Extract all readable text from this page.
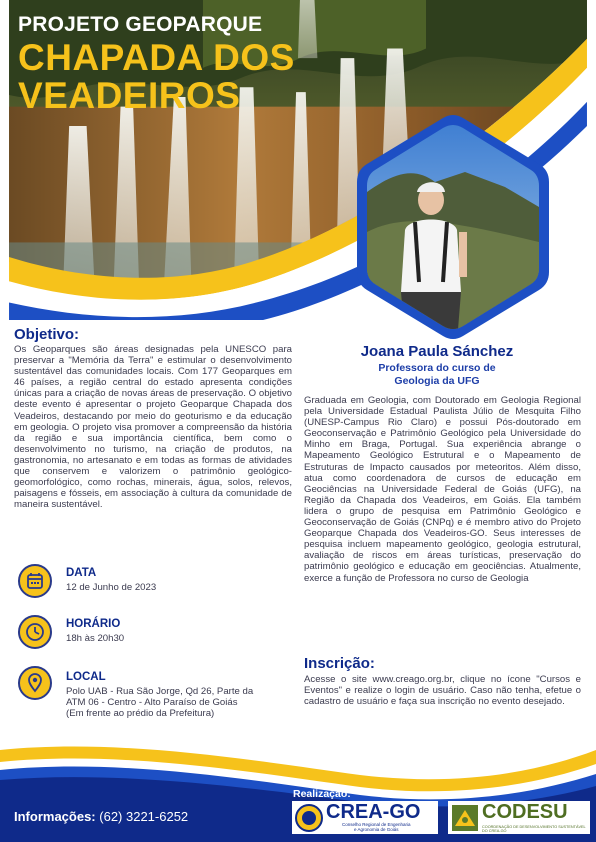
PROJETO GEOPARQUE
CHAPADA DOS
VEADEIROS
Objetivo:
Os Geoparques são áreas designadas pela UNESCO para preservar a "Memória da Terra" e estimular o desenvolvimento sustentável das comunidades locais. Com 177 Geoparques em 46 países, a região central do estado apresenta condições únicas para a criação de novas áreas de preservação. O objetivo deste evento é apresentar o projeto Geoparque Chapada dos Veadeiros, destacando por meio do geoturismo e da educação em geologia. O projeto visa promover a compreensão da história da região e sua importância científica, bem como o desenvolvimento no turismo, na criação de produtos, na gastronomia, no artesanato e em todas as formas de atividades que conservem e valorizem o patrimônio geológico-geomorfológico, como rochas, minerais, água, solos, relevos, paisagens e fósseis, em associação à cultura da comunidade de maneira sustentável.
Joana Paula Sánchez
Professora do curso de
Geologia da UFG
Graduada em Geologia, com Doutorado em Geologia Regional pela Universidade Estadual Paulista Júlio de Mesquita Filho (UNESP-Campus Rio Claro) e possui Pós-doutorado em Geoconservação e Patrimônio Geológico pela Universidade do Minho em Braga, Portugal. Sua experiência abrange o Mapeamento Geológico Estrutural e o Mapeamento de Estruturas de Impacto causados por meteoritos. Além disso, atua como coordenadora de cursos de educação em Geociências na Universidade Federal de Goiás (UFG), na Região da Chapada dos Veadeiros, em Goiás. Ela também lidera o grupo de pesquisa em Patrimônio Geológico e Geoconservação de Goiás (CNPq) e é membro ativo do Projeto Geoparque Chapada dos Veadeiros-GO. Seus interesses de pesquisa incluem mapeamento geológico, geologia estrutural, avaliação de riscos em áreas turísticas, preservação do patrimônio geológico e educação em geociências. Atualmente, exerce a função de Professora no curso de Geologia
DATA
12 de Junho de 2023
HORÁRIO
18h às 20h30
LOCAL
Polo UAB - Rua São Jorge, Qd 26, Parte da
ATM 06 - Centro - Alto Paraíso de Goiás
(Em frente ao prédio da Prefeitura)
Inscrição:
Acesse o site www.creago.org.br, clique no ícone "Cursos e Eventos" e realize o login de usuário. Caso não tenha, efetue o cadastro de usuário e faça sua inscrição no evento desejado.
Informações: (62) 3221-6252
Realização:
CREA-GO
Conselho Regional de Engenharia
e Agronomia de Goiás
CODESU
COORDENAÇÃO DE DESENVOLVIMENTO SUSTENTÁVEL DO CREA-GO
